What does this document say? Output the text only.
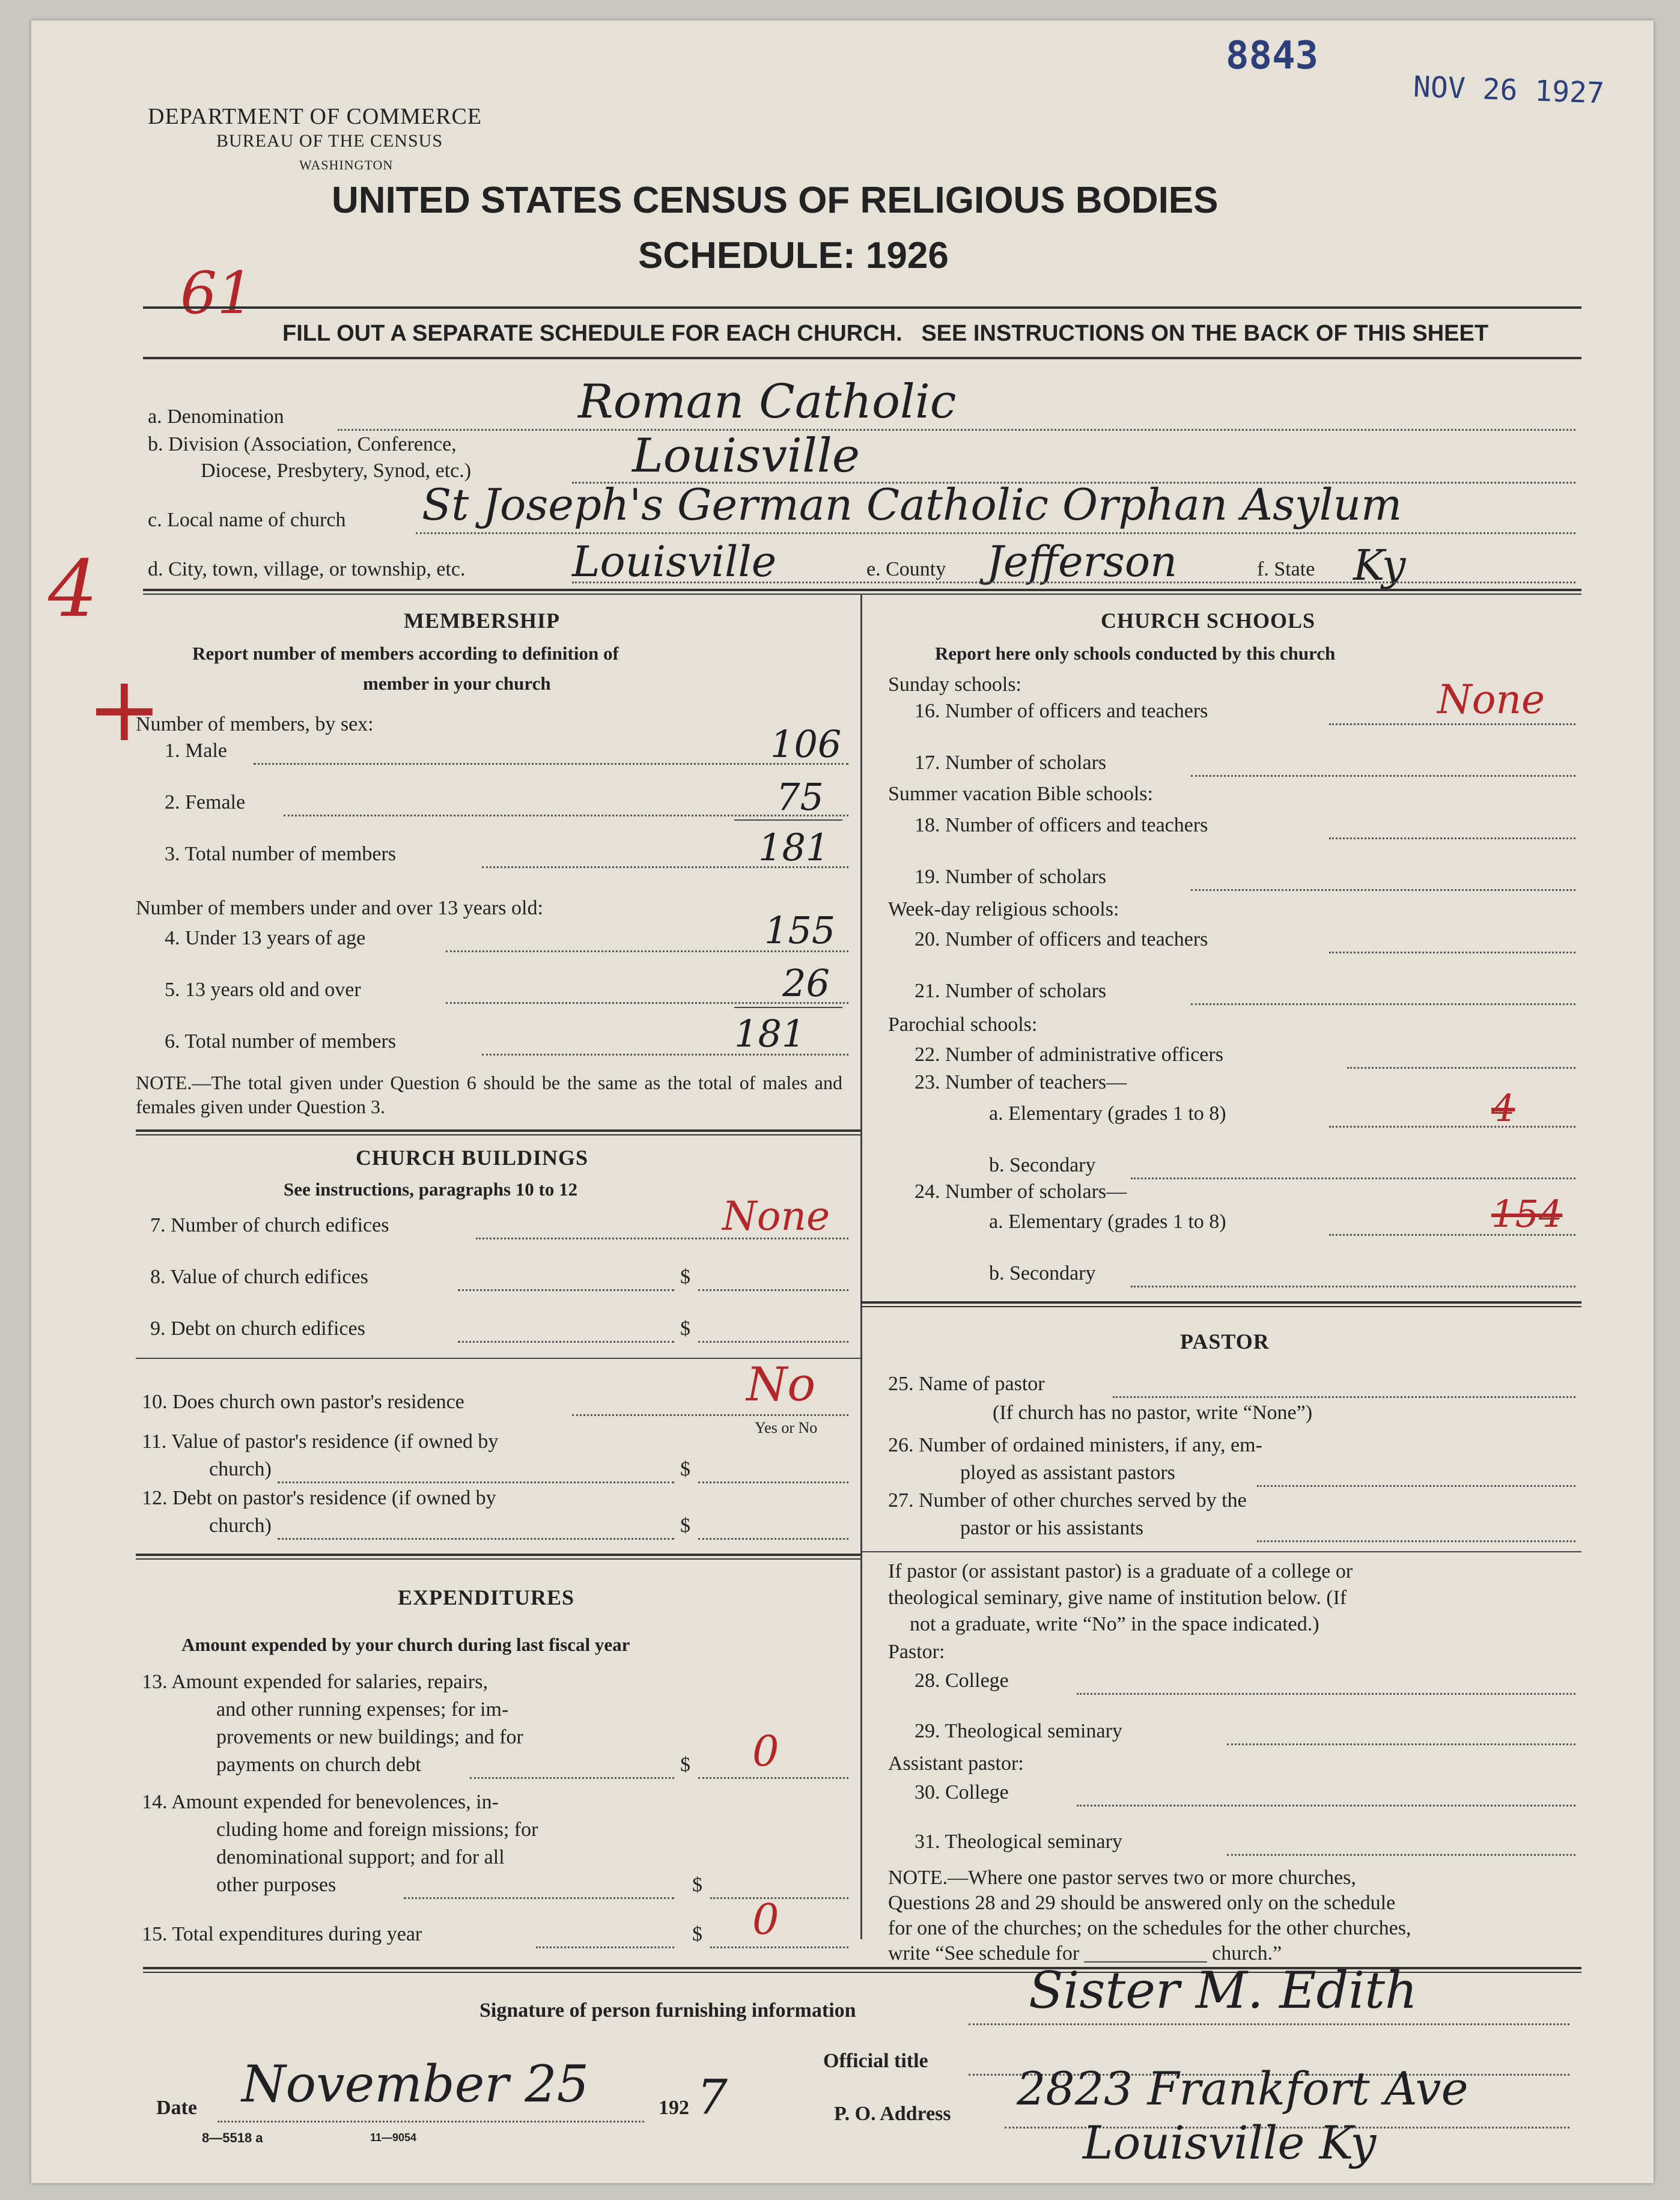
8843
NOV 26 1927
DEPARTMENT OF COMMERCE
BUREAU OF THE CENSUS
WASHINGTON
UNITED STATES CENSUS OF RELIGIOUS BODIES
SCHEDULE: 1926
61
FILL OUT A SEPARATE SCHEDULE FOR EACH CHURCH.   SEE INSTRUCTIONS ON THE BACK OF THIS SHEET
a. Denomination	Roman Catholic
b. Division (Association, Conference,
Diocese, Presbytery, Synod, etc.)	Louisville
c. Local name of church St Joseph's German Catholic Orphan Asylum
d. City, town, village, or township, etc.	Louisville	e. County Jefferson	f. State Ky
4
+
MEMBERSHIP
Report number of members according to definition of
member in your church
Number of members, by sex:
1. Male	106
2. Female	75
3. Total number of members	181
Number of members under and over 13 years old:
4. Under 13 years of age	155
5. 13 years old and over	26
6. Total number of members	181
NOTE.—The total given under Question 6 should be the same as the total of males and females given under Question 3.
CHURCH BUILDINGS
See instructions, paragraphs 10 to 12
7. Number of church edifices	None
8. Value of church edifices	$
9. Debt on church edifices	$
10. Does church own pastor's residence	No
Yes or No
11. Value of pastor's residence (if owned by
church)	$
12. Debt on pastor's residence (if owned by
church)	$
EXPENDITURES
Amount expended by your church during last fiscal year
13. Amount expended for salaries, repairs,
and other running expenses; for im-
provements or new buildings; and for
payments on church debt	$ 0
14. Amount expended for benevolences, in-
cluding home and foreign missions; for
denominational support; and for all
other purposes	$
15. Total expenditures during year	$ 0
CHURCH SCHOOLS
Report here only schools conducted by this church
Sunday schools:
16. Number of officers and teachers	None
17. Number of scholars
Summer vacation Bible schools:
18. Number of officers and teachers
19. Number of scholars
Week-day religious schools:
20. Number of officers and teachers
21. Number of scholars
Parochial schools:
22. Number of administrative officers
23. Number of teachers—
a. Elementary (grades 1 to 8)	4
b. Secondary
24. Number of scholars—
a. Elementary (grades 1 to 8)	154
b. Secondary
PASTOR
25. Name of pastor
(If church has no pastor, write “None”)
26. Number of ordained ministers, if any, em-
ployed as assistant pastors
27. Number of other churches served by the
pastor or his assistants
If pastor (or assistant pastor) is a graduate of a college or
theological seminary, give name of institution below. (If
not a graduate, write “No” in the space indicated.)
Pastor:
28. College
29. Theological seminary
Assistant pastor:
30. College
31. Theological seminary
NOTE.—Where one pastor serves two or more churches,
Questions 28 and 29 should be answered only on the schedule
for one of the churches; on the schedules for the other churches,
write “See schedule for ____________ church.”
Signature of person furnishing information	Sister M. Edith
Official title
Date November 25	192 7	P. O. Address 2823 Frankfort Ave
Louisville Ky
8—5518 a	11—9054
